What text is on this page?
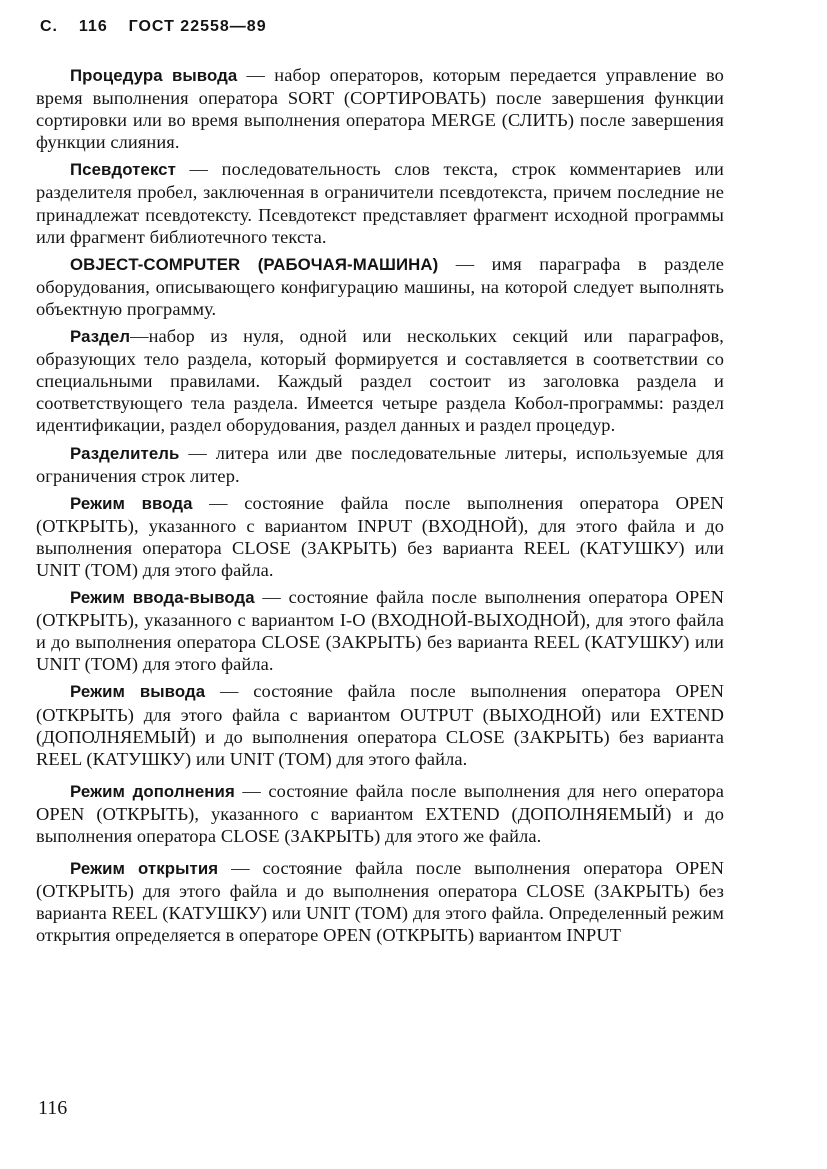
С. 116 ГОСТ 22558—89

Процедура вывода — набор операторов, которым передается управление во время выполнения оператора SORT (СОРТИРОВАТЬ) после завершения функции сортировки или во время выполнения оператора MERGE (СЛИТЬ) после завершения функции слияния.

Псевдотекст — последовательность слов текста, строк комментариев или разделителя пробел, заключенная в ограничители псевдотекста, причем последние не принадлежат псевдотексту. Псевдотекст представляет фрагмент исходной программы или фрагмент библиотечного текста.

OBJECT-COMPUTER (РАБОЧАЯ-МАШИНА) — имя параграфа в разделе оборудования, описывающего конфигурацию машины, на которой следует выполнять объектную программу.

Раздел—набор из нуля, одной или нескольких секций или параграфов, образующих тело раздела, который формируется и составляется в соответствии со специальными правилами. Каждый раздел состоит из заголовка раздела и соответствующего тела раздела. Имеется четыре раздела Кобол-программы: раздел идентификации, раздел оборудования, раздел данных и раздел процедур.

Разделитель — литера или две последовательные литеры, используемые для ограничения строк литер.

Режим ввода — состояние файла после выполнения оператора OPEN (ОТКРЫТЬ), указанного с вариантом INPUT (ВХОДНОЙ), для этого файла и до выполнения оператора CLOSE (ЗАКРЫТЬ) без варианта REEL (КАТУШКУ) или UNIT (ТОМ) для этого файла.

Режим ввода-вывода — состояние файла после выполнения оператора OPEN (ОТКРЫТЬ), указанного с вариантом I-O (ВХОДНОЙ-ВЫХОДНОЙ), для этого файла и до выполнения оператора CLOSE (ЗАКРЫТЬ) без варианта REEL (КАТУШКУ) или UNIT (ТОМ) для этого файла.

Режим вывода — состояние файла после выполнения оператора OPEN (ОТКРЫТЬ) для этого файла с вариантом OUTPUT (ВЫХОДНОЙ) или EXTEND (ДОПОЛНЯЕМЫЙ) и до выполнения оператора CLOSE (ЗАКРЫТЬ) без варианта REEL (КАТУШКУ) или UNIT (ТОМ) для этого файла.

Режим дополнения — состояние файла после выполнения для него оператора OPEN (ОТКРЫТЬ), указанного с вариантом EXTEND (ДОПОЛНЯЕМЫЙ) и до выполнения оператора CLOSE (ЗАКРЫТЬ) для этого же файла.

Режим открытия — состояние файла после выполнения оператора OPEN (ОТКРЫТЬ) для этого файла и до выполнения оператора CLOSE (ЗАКРЫТЬ) без варианта REEL (КАТУШКУ) или UNIT (ТОМ) для этого файла. Определенный режим открытия определяется в операторе OPEN (ОТКРЫТЬ) вариантом INPUT

116
